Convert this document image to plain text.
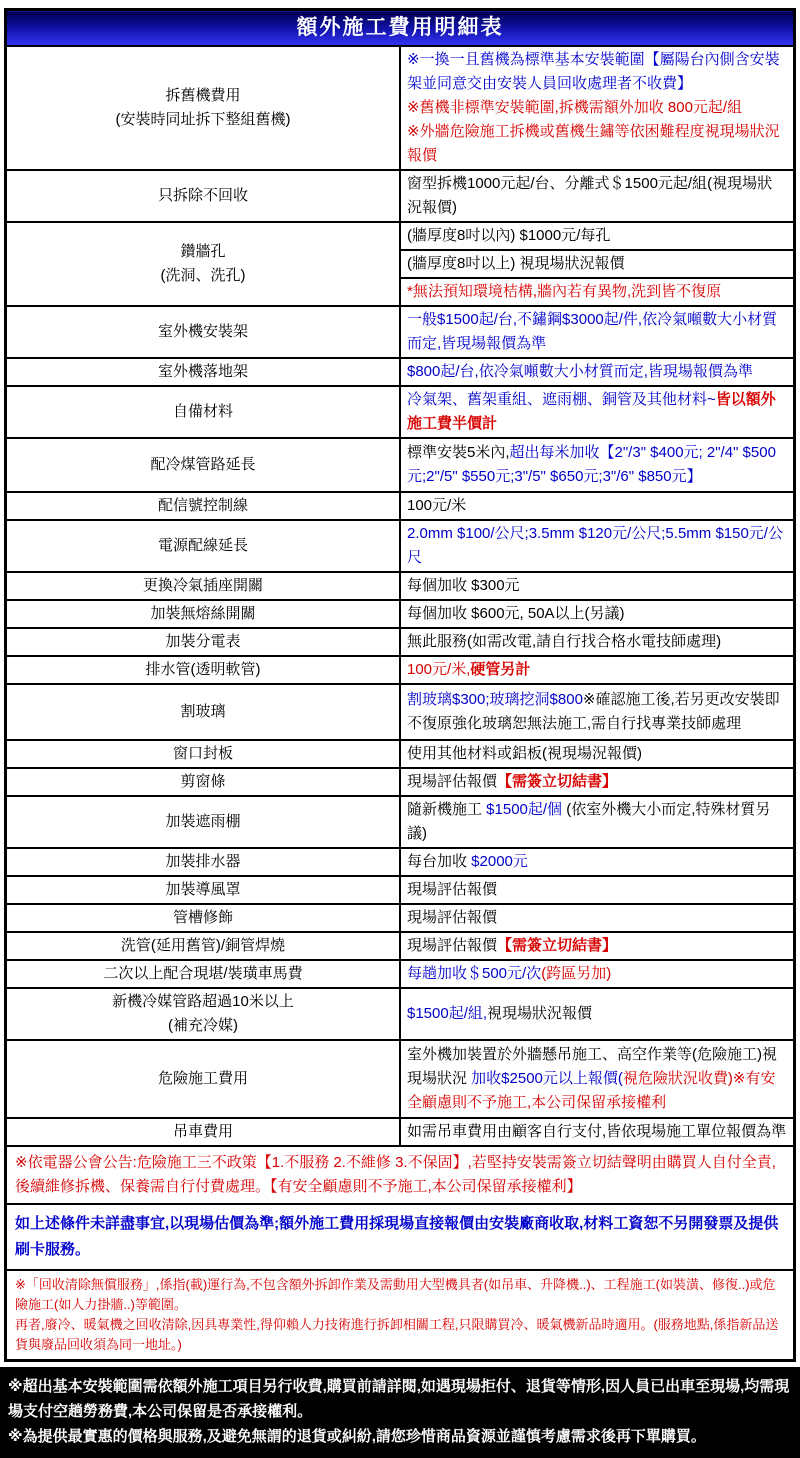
額外施工費用明細表	

拆舊機費用
(安裝時同址拆下整組舊機)

※一換一且舊機為標準基本安裝範圍【屬陽台內側含安裝架並同意交由安裝人員回收處理者不收費】
※舊機非標準安裝範圍,拆機需額外加收 800元起/組
※外牆危險施工拆機或舊機生鏽等依困難程度視現場狀況報價

只拆除不回收	窗型拆機1000元起/台、分離式＄1500元起/組(視現場狀況報價)

鑽牆孔
(洗洞、洗孔)	(牆厚度8吋以內) $1000元/每孔
	(牆厚度8吋以上) 視現場狀況報價
	*無法預知環境桔構,牆內若有異物,洗到皆不復原
室外機安裝架	一般$1500起/台,不鏽鋼$3000起/件,依冷氣噸數大小材質而定,皆現場報價為準
室外機落地架	$800起/台,依冷氣噸數大小材質而定,皆現場報價為準
自備材料	冷氣架、舊架重組、遮雨棚、銅管及其他材料~皆以額外施工費半價計
配冷煤管路延長	標準安裝5米內,超出每米加收【2"/3" $400元; 2"/4" $500元;2"/5" $550元;3"/5" $650元;3"/6" $850元】
配信號控制線	100元/米
電源配線延長	2.0mm $100/公尺;3.5mm $120元/公尺;5.5mm $150元/公尺
更換冷氣插座開關	每個加收 $300元
加裝無熔絲開關	每個加收 $600元, 50A以上(另議)
加裝分電表	無此服務(如需改電,請自行找合格水電技師處理)
排水管(透明軟管)	100元/米,硬管另計
割玻璃	割玻璃$300;玻璃挖洞$800※確認施工後,若另更改安裝即不復原強化玻璃恕無法施工,需自行找專業技師處理
窗口封板	使用其他材料或鋁板(視現場況報價)
剪窗條	現場評估報價【需簽立切結書】
加裝遮雨棚	隨新機施工 $1500起/個 (依室外機大小而定,特殊材質另議)
加裝排水器	每台加收 $2000元
加裝導風罩	現場評估報價
管槽修飾	現場評估報價
洗管(延用舊管)/銅管焊燒	現場評估報價【需簽立切結書】
二次以上配合現堪/裝璜車馬費	每趟加收＄500元/次(跨區另加)

新機冷媒管路超過10米以上
(補充冷媒)	$1500起/組,視現場狀況報價
危險施工費用	室外機加裝置於外牆懸吊施工、高空作業等(危險施工)視現場狀況 加收$2500元以上報價(視危險狀況收費)※有安全顧慮則不予施工,本公司保留承接權利
吊車費用	如需吊車費用由顧客自行支付,皆依現場施工單位報價為準
※依電器公會公告:危險施工三不政策【1.不服務 2.不維修 3.不保固】,若堅持安裝需簽立切結聲明由購買人自付全責,後續維修拆機、保養需自行付費處理。【有安全顧慮則不予施工,本公司保留承接權利】	
如上述條件未詳盡事宜,以現場估價為準;額外施工費用採現場直接報價由安裝廠商收取,材料工資恕不另開發票及提供刷卡服務。	

※「回收清除無償服務」,係指(載)運行為,不包含額外拆卸作業及需動用大型機具者(如吊車、升降機..)、工程施工(如裝潢、修復..)或危險施工(如人力掛牆..)等範圍。
再者,廢冷、暖氣機之回收清除,因具專業性,得仰賴人力技術進行拆卸相關工程,只限購買冷、暖氣機新品時適用。(服務地點,係指新品送貨與廢品回收須為同一地址。)	

※超出基本安裝範圍需依額外施工項目另行收費,購買前請詳閱,如遇現場拒付、退貨等情形,因人員已出車至現場,均需現場支付空趟勞務費,本公司保留是否承接權利。

※為提供最實惠的價格與服務,及避免無謂的退貨或糾紛,請您珍惜商品資源並謹慎考慮需求後再下單購買。
